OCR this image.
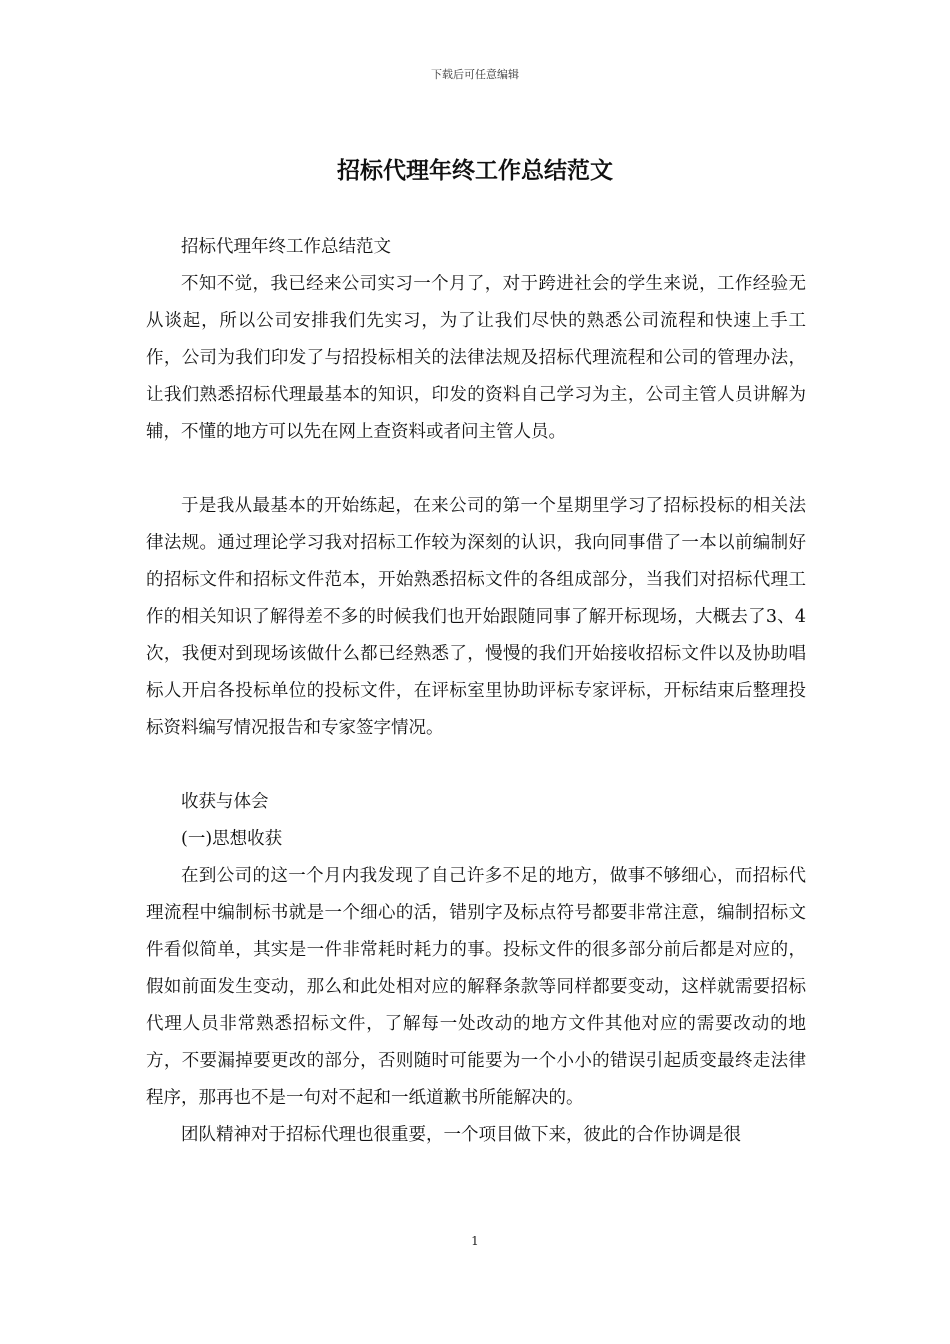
下载后可任意编辑
招标代理年终工作总结范文

招标代理年终工作总结范文

不知不觉，我已经来公司实习一个月了，对于跨进社会的学生来说，工作经验无从谈起，所以公司安排我们先实习，为了让我们尽快的熟悉公司流程和快速上手工作，公司为我们印发了与招投标相关的法律法规及招标代理流程和公司的管理办法，让我们熟悉招标代理最基本的知识，印发的资料自己学习为主，公司主管人员讲解为辅，不懂的地方可以先在网上查资料或者问主管人员。

于是我从最基本的开始练起，在来公司的第一个星期里学习了招标投标的相关法律法规。通过理论学习我对招标工作较为深刻的认识，我向同事借了一本以前编制好的招标文件和招标文件范本，开始熟悉招标文件的各组成部分，当我们对招标代理工作的相关知识了解得差不多的时候我们也开始跟随同事了解开标现场，大概去了3、4次，我便对到现场该做什么都已经熟悉了，慢慢的我们开始接收招标文件以及协助唱标人开启各投标单位的投标文件，在评标室里协助评标专家评标，开标结束后整理投标资料编写情况报告和专家签字情况。

收获与体会

(一)思想收获

在到公司的这一个月内我发现了自己许多不足的地方，做事不够细心，而招标代理流程中编制标书就是一个细心的活，错别字及标点符号都要非常注意，编制招标文件看似简单，其实是一件非常耗时耗力的事。投标文件的很多部分前后都是对应的，假如前面发生变动，那么和此处相对应的解释条款等同样都要变动，这样就需要招标代理人员非常熟悉招标文件，了解每一处改动的地方文件其他对应的需要改动的地方，不要漏掉要更改的部分，否则随时可能要为一个小小的错误引起质变最终走法律程序，那再也不是一句对不起和一纸道歉书所能解决的。

团队精神对于招标代理也很重要，一个项目做下来，彼此的合作协调是很

1
